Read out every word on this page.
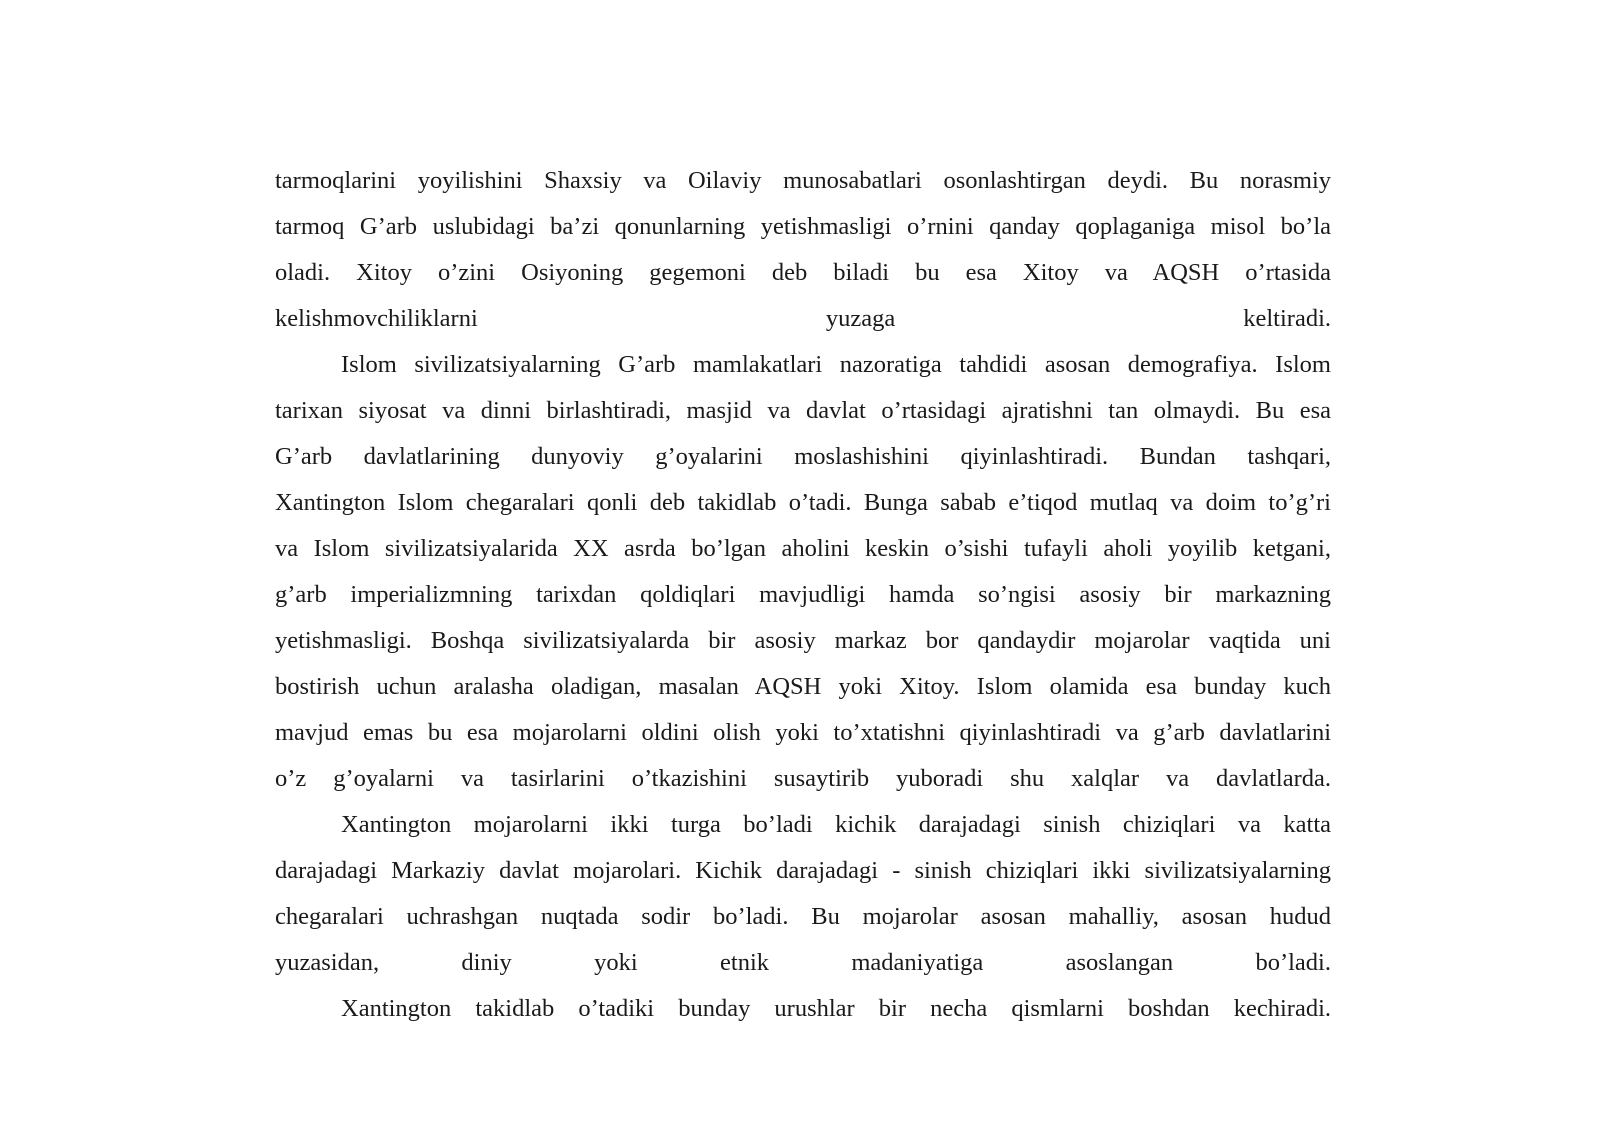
tarmoqlarini yoyilishini Shaxsiy va Oilaviy munosabatlari osonlashtirgan deydi. Bu norasmiy
tarmoq G’arb uslubidagi ba’zi qonunlarning yetishmasligi o’rnini qanday qoplaganiga misol bo’la
oladi. Xitoy o’zini Osiyoning gegemoni deb biladi bu esa Xitoy va AQSH o’rtasida
kelishmovchiliklarni yuzaga keltiradi.
Islom sivilizatsiyalarning G’arb mamlakatlari nazoratiga tahdidi asosan demografiya. Islom
tarixan siyosat va dinni birlashtiradi, masjid va davlat o’rtasidagi ajratishni tan olmaydi. Bu esa
G’arb davlatlarining dunyoviy g’oyalarini moslashishini qiyinlashtiradi. Bundan tashqari,
Xantington Islom chegaralari qonli deb takidlab o’tadi. Bunga sabab e’tiqod mutlaq va doim to’g’ri
va Islom sivilizatsiyalarida XX asrda bo’lgan aholini keskin o’sishi tufayli aholi yoyilib ketgani,
g’arb imperializmning tarixdan qoldiqlari mavjudligi hamda so’ngisi asosiy bir markazning
yetishmasligi. Boshqa sivilizatsiyalarda bir asosiy markaz bor qandaydir mojarolar vaqtida uni
bostirish uchun aralasha oladigan, masalan AQSH yoki Xitoy. Islom olamida esa bunday kuch
mavjud emas bu esa mojarolarni oldini olish yoki to’xtatishni qiyinlashtiradi va g’arb davlatlarini
o’z g’oyalarni va tasirlarini o’tkazishini susaytirib yuboradi shu xalqlar va davlatlarda.
Xantington mojarolarni ikki turga bo’ladi kichik darajadagi sinish chiziqlari va katta
darajadagi Markaziy davlat mojarolari. Kichik darajadagi - sinish chiziqlari ikki sivilizatsiyalarning
chegaralari uchrashgan nuqtada sodir bo’ladi. Bu mojarolar asosan mahalliy, asosan hudud
yuzasidan, diniy yoki etnik madaniyatiga asoslangan bo’ladi.
Xantington takidlab o’tadiki bunday urushlar bir necha qismlarni boshdan kechiradi.
